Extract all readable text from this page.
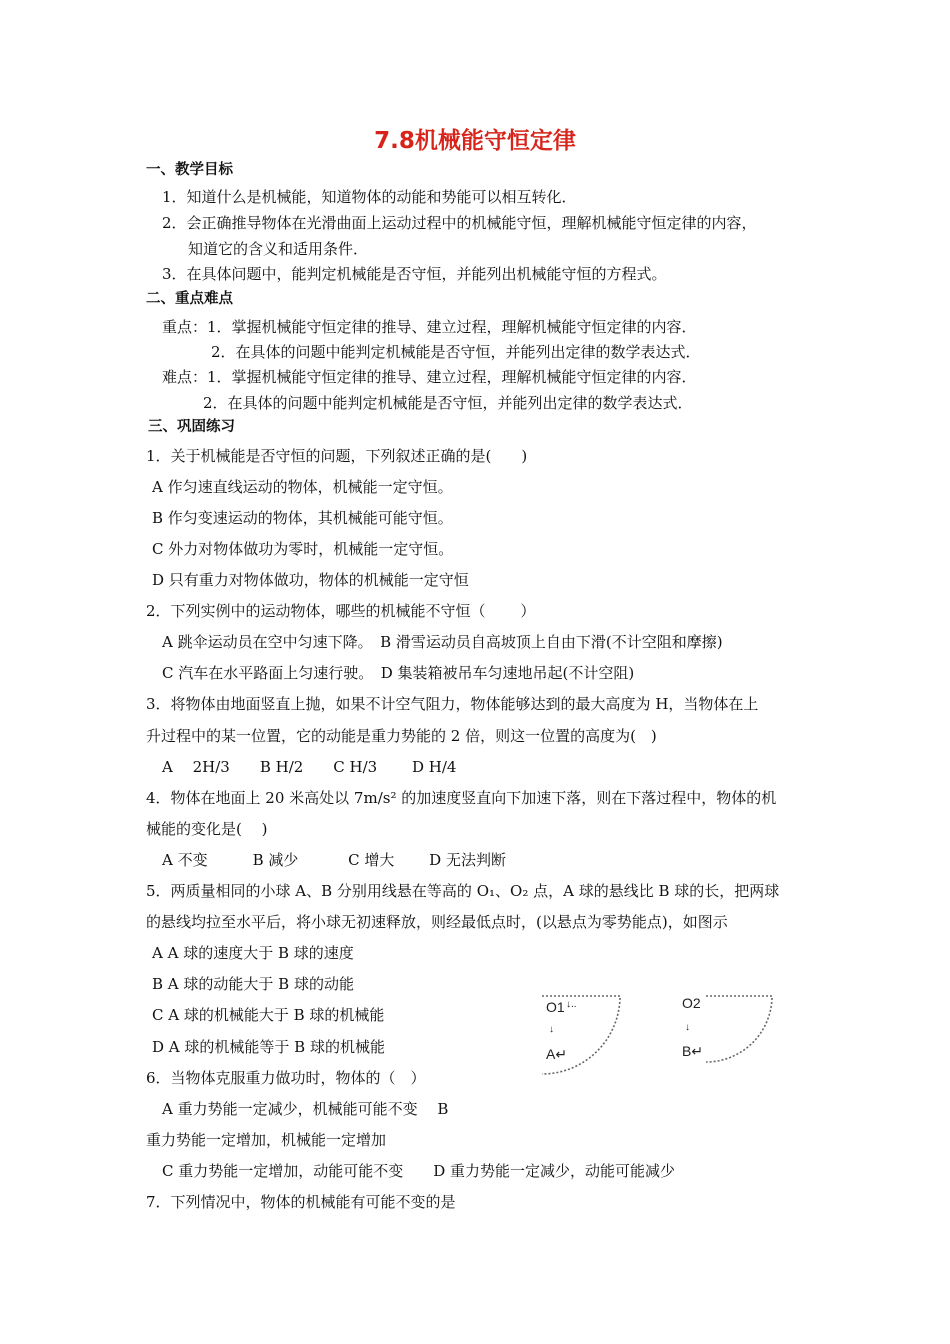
7.8机械能守恒定律
一、教学目标
1．知道什么是机械能，知道物体的动能和势能可以相互转化．
2．会正确推导物体在光滑曲面上运动过程中的机械能守恒，理解机械能守恒定律的内容，
知道它的含义和适用条件．
3．在具体问题中，能判定机械能是否守恒，并能列出机械能守恒的方程式。
二、重点难点
重点：1．掌握机械能守恒定律的推导、建立过程，理解机械能守恒定律的内容．
2．在具体的问题中能判定机械能是否守恒，并能列出定律的数学表达式．
难点：1．掌握机械能守恒定律的推导、建立过程，理解机械能守恒定律的内容．
2．在具体的问题中能判定机械能是否守恒，并能列出定律的数学表达式．
三、巩固练习
1．关于机械能是否守恒的问题，下列叙述正确的是(　　)
A 作匀速直线运动的物体，机械能一定守恒。
B 作匀变速运动的物体，其机械能可能守恒。
C 外力对物体做功为零时，机械能一定守恒。
D 只有重力对物体做功，物体的机械能一定守恒
2．下列实例中的运动物体，哪些的机械能不守恒（　　 ）
A 跳伞运动员在空中匀速下降。　B 滑雪运动员自高坡顶上自由下滑(不计空阻和摩擦)
C 汽车在水平路面上匀速行驶。　D 集装箱被吊车匀速地吊起(不计空阻)
3．将物体由地面竖直上抛，如果不计空气阻力，物体能够达到的最大高度为 H，当物体在上
升过程中的某一位置，它的动能是重力势能的 2 倍，则这一位置的高度为(　)
A　 2H/3　　B H/2　　C H/3　　 D H/4
4．物体在地面上 20 米高处以 7m/s² 的加速度竖直向下加速下落，则在下落过程中，物体的机
械能的变化是(　 )
A 不变　　　B 减少　　　 C 增大　　 D 无法判断
5．两质量相同的小球 A、B 分别用线悬在等高的 O₁、O₂ 点，A 球的悬线比 B 球的长，把两球
的悬线均拉至水平后，将小球无初速释放，则经最低点时，(以悬点为零势能点)，如图示
A A 球的速度大于 B 球的速度
B A 球的动能大于 B 球的动能
C A 球的机械能大于 B 球的机械能
D A 球的机械能等于 B 球的机械能
O1 ↓..
↓
A↵
O2
↓
B↵
6．当物体克服重力做功时，物体的（　）
A 重力势能一定减少，机械能可能不变　 B
重力势能一定增加，机械能一定增加
C 重力势能一定增加，动能可能不变　　D 重力势能一定减少，动能可能减少
7．下列情况中，物体的机械能有可能不变的是
